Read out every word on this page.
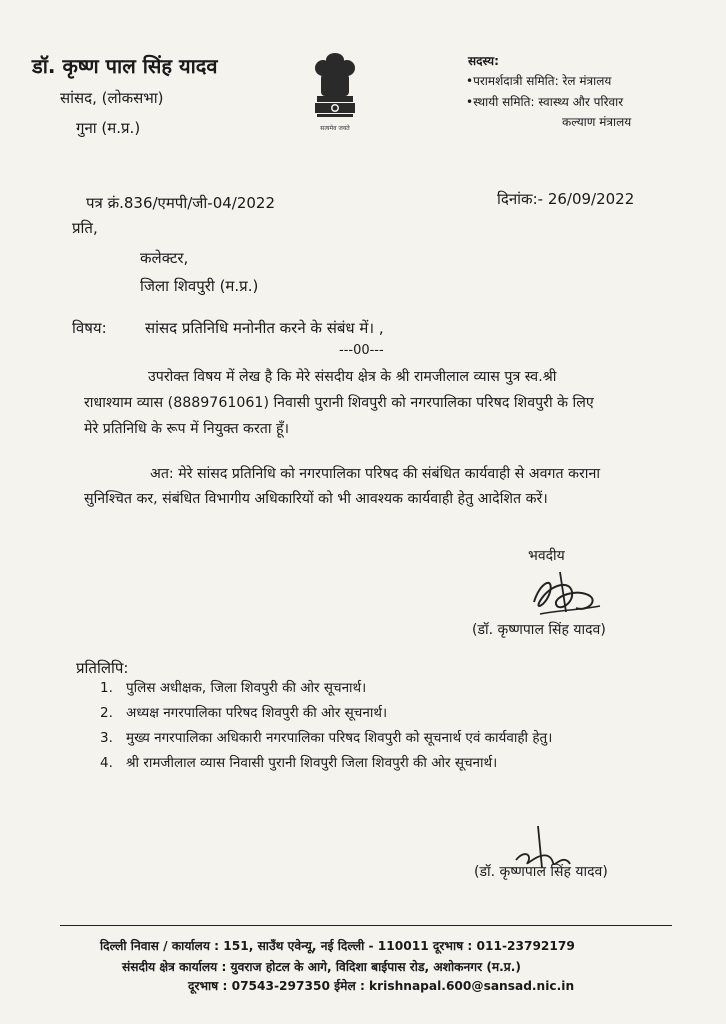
डॉ. कृष्ण पाल सिंह यादव
सांसद, (लोकसभा)
गुना (म.प्र.)	सत्यमेव जयते
सदस्य:
•परामर्शदात्री समिति: रेल मंत्रालय
•स्थायी समिति: स्वास्थ्य और परिवार
कल्याण मंत्रालय
पत्र क्रं.836/एमपी/जी-04/2022	दिनांक:- 26/09/2022
प्रति,
कलेक्टर,
जिला शिवपुरी (म.प्र.)
विषय:	सांसद प्रतिनिधि मनोनीत करने के संबंध में। ,
---00---
उपरोक्त विषय में लेख है कि मेरे संसदीय क्षेत्र के श्री रामजीलाल व्यास पुत्र स्व.श्री
राधाश्याम व्यास (8889761061) निवासी पुरानी शिवपुरी को नगरपालिका परिषद शिवपुरी के लिए
मेरे प्रतिनिधि के रूप में नियुक्त करता हूँ।
अत: मेरे सांसद प्रतिनिधि को नगरपालिका परिषद की संबंधित कार्यवाही से अवगत कराना
सुनिश्चित कर, संबंधित विभागीय अधिकारियों को भी आवश्यक कार्यवाही हेतु आदेशित करें।
भवदीय
(डॉ. कृष्णपाल सिंह यादव)
प्रतिलिपि:
1. पुलिस अधीक्षक, जिला शिवपुरी की ओर सूचनार्थ।
2. अध्यक्ष नगरपालिका परिषद शिवपुरी की ओर सूचनार्थ।
3. मुख्य नगरपालिका अधिकारी नगरपालिका परिषद शिवपुरी को सूचनार्थ एवं कार्यवाही हेतु।
4. श्री रामजीलाल व्यास निवासी पुरानी शिवपुरी जिला शिवपुरी की ओर सूचनार्थ।
(डॉ. कृष्णपाल सिंह यादव)
दिल्ली निवास / कार्यालय : 151, साउँथ एवेन्यू, नई दिल्ली - 110011 दूरभाष : 011-23792179
संसदीय क्षेत्र कार्यालय : युवराज होटल के आगे, विदिशा बाईपास रोड, अशोकनगर (म.प्र.)
दूरभाष : 07543-297350 ईमेल : krishnapal.600@sansad.nic.in
